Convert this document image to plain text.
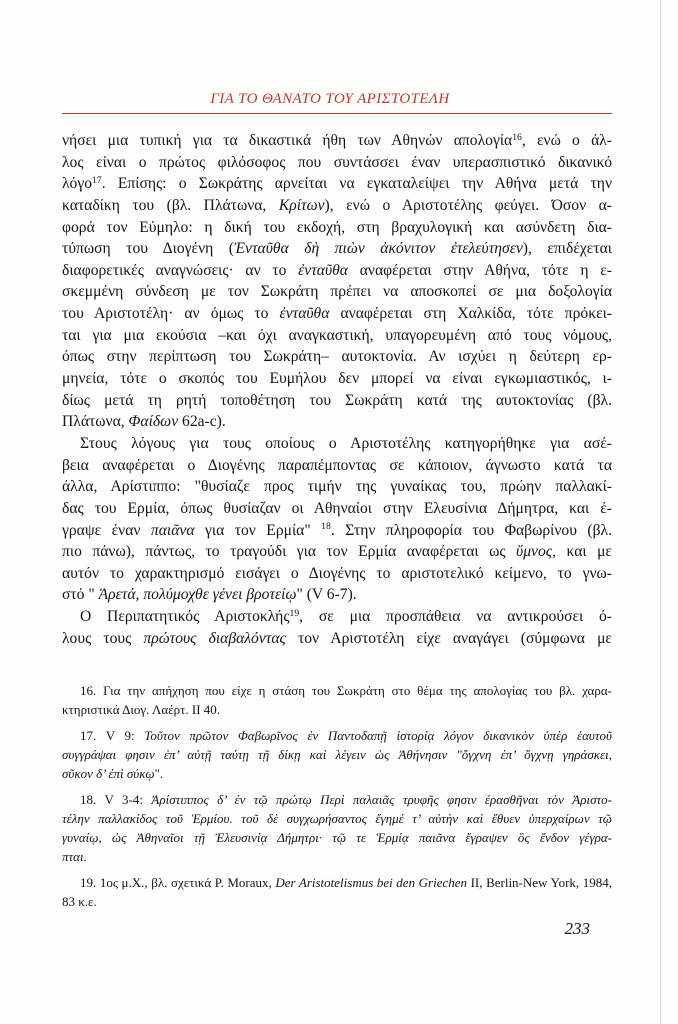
ΓΙΑ ΤΟ ΘΑΝΑΤΟ ΤΟΥ ΑΡΙΣΤΟΤΕΛΗ
νήσει μια τυπική για τα δικαστικά ήθη των Αθηνών απολογία$^{16}$, ενώ ο άλ-
λος είναι ο πρώτος φιλόσοφος που συντάσσει έναν υπερασπιστικό δικανικό
λόγο$^{17}$. Επίσης: ο Σωκράτης αρνείται να εγκαταλείψει την Αθήνα μετά την
καταδίκη του (βλ. Πλάτωνα, Κρίτων), ενώ ο Αριστοτέλης φεύγει. Όσον α-
φορά τον Εύμηλο: η δική του εκδοχή, στη βραχυλογική και ασύνδετη δια-
τύπωση του Διογένη (Ἐνταῦθα δὴ πιὼν ἀκόνιτον ἐτελεύτησεν), επιδέχεται
διαφορετικές αναγνώσεις· αν το ἐνταῦθα αναφέρεται στην Αθήνα, τότε η ε-
σκεμμένη σύνδεση με τον Σωκράτη πρέπει να αποσκοπεί σε μια δοξολογία
του Αριστοτέλη· αν όμως το ἐνταῦθα αναφέρεται στη Χαλκίδα, τότε πρόκει-
ται για μια εκούσια –και όχι αναγκαστική, υπαγορευμένη από τους νόμους,
όπως στην περίπτωση του Σωκράτη– αυτοκτονία. Αν ισχύει η δεύτερη ερ-
μηνεία, τότε ο σκοπός του Ευμήλου δεν μπορεί να είναι εγκωμιαστικός, ι-
δίως μετά τη ρητή τοποθέτηση του Σωκράτη κατά της αυτοκτονίας (βλ.
Πλάτωνα, Φαίδων 62a-c).
Στους λόγους για τους οποίους ο Αριστοτέλης κατηγορήθηκε για ασέ-
βεια αναφέρεται ο Διογένης παραπέμποντας σε κάποιον, άγνωστο κατά τα
άλλα, Αρίστιππο: "θυσίαζε προς τιμήν της γυναίκας του, πρώην παλλακί-
δας του Ερμία, όπως θυσίαζαν οι Αθηναίοι στην Ελευσίνια Δήμητρα, και έ-
γραψε έναν παιᾶνα για τον Ερμία" $^{18}$. Στην πληροφορία του Φαβωρίνου (βλ.
πιο πάνω), πάντως, το τραγούδι για τον Ερμία αναφέρεται ως ὕμνος, και με
αυτόν το χαρακτηρισμό εισάγει ο Διογένης το αριστοτελικό κείμενο, το γνω-
στό " Ἀρετά, πολύμοχθε γένει βροτείῳ" (V 6-7).
Ο Περιπατητικός Αριστοκλής$^{19}$, σε μια προσπάθεια να αντικρούσει ό-
λους τους πρώτους διαβαλόντας τον Αριστοτέλη είχε αναγάγει (σύμφωνα με
16. Για την απήχηση που είχε η στάση του Σωκράτη στο θέμα της απολογίας του βλ. χαρα-
κτηριστικά Διογ. Λαέρτ. II 40.
17. V 9: Τοῦτον πρῶτον Φαβωρῖνος ἐν Παντοδαπῇ ἱστορίᾳ λόγον δικανικὸν ὑπὲρ ἑαυτοῦ
συγγράψαι φησιν ἐπ’ αὐτῇ ταύτῃ τῇ δίκῃ καὶ λέγειν ὡς Ἀθήνησιν "ὄγχνη ἐπ’ ὄγχνῃ γηράσκει,
σῦκον δ’ ἐπὶ σύκῳ".
18. V 3-4: Ἀρίστιππος δ’ ἐν τῷ πρώτῳ Περὶ παλαιᾶς τρυφῆς φησιν ἐρασθῆναι τὸν Ἀριστο-
τέλην παλλακίδος τοῦ Ἑρμίου. τοῦ δὲ συγχωρήσαντος ἔγημέ τ’ αὐτὴν καὶ ἔθυεν ὑπερχαίρων τῷ
γυναίῳ, ὡς Ἀθηναῖοι τῇ Ἐλευσινίᾳ Δήμητρι· τῷ τε Ἑρμίᾳ παιᾶνα ἔγραψεν ὃς ἔνδον γέγρα-
πται.
19. 1ος μ.Χ., βλ. σχετικά P. Moraux, Der Aristotelismus bei den Griechen II, Berlin-New York, 1984,
83 κ.ε.
233
